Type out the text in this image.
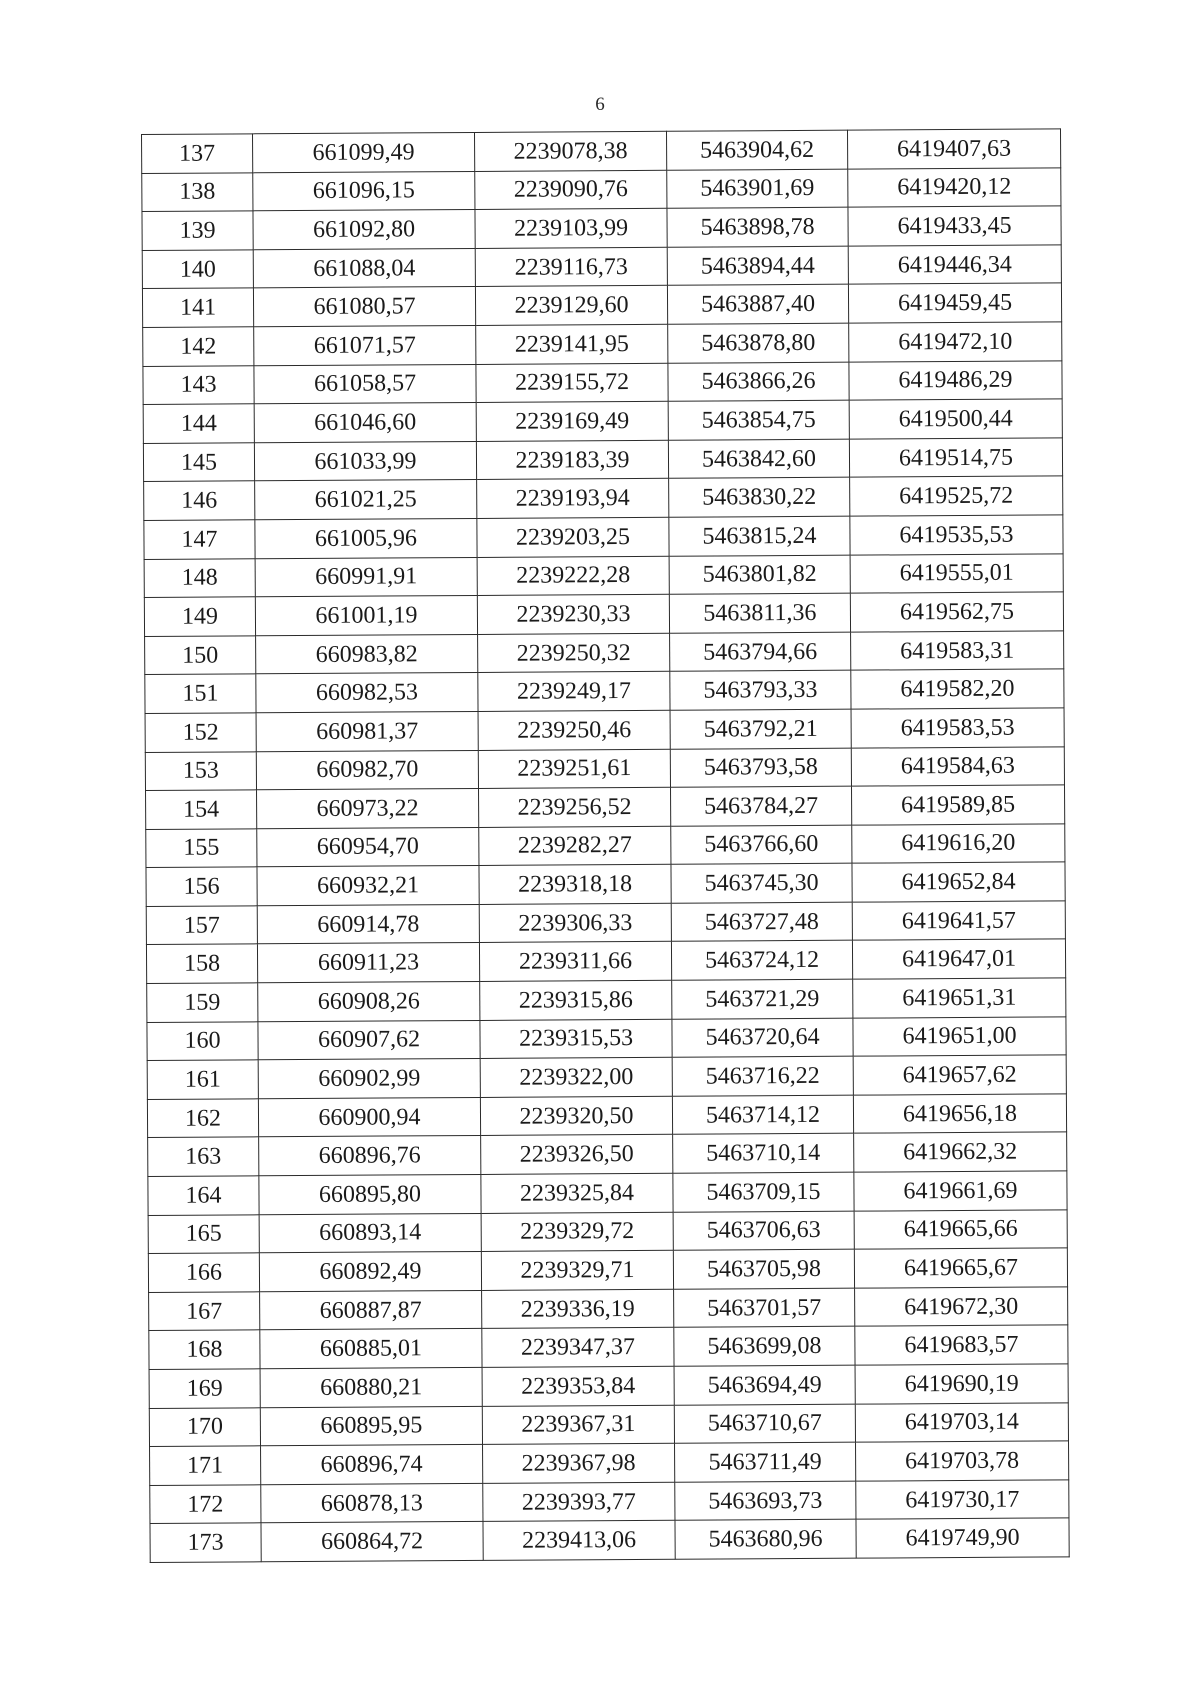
6
137	661099,49	2239078,38	5463904,62	6419407,63
138	661096,15	2239090,76	5463901,69	6419420,12
139	661092,80	2239103,99	5463898,78	6419433,45
140	661088,04	2239116,73	5463894,44	6419446,34
141	661080,57	2239129,60	5463887,40	6419459,45
142	661071,57	2239141,95	5463878,80	6419472,10
143	661058,57	2239155,72	5463866,26	6419486,29
144	661046,60	2239169,49	5463854,75	6419500,44
145	661033,99	2239183,39	5463842,60	6419514,75
146	661021,25	2239193,94	5463830,22	6419525,72
147	661005,96	2239203,25	5463815,24	6419535,53
148	660991,91	2239222,28	5463801,82	6419555,01
149	661001,19	2239230,33	5463811,36	6419562,75
150	660983,82	2239250,32	5463794,66	6419583,31
151	660982,53	2239249,17	5463793,33	6419582,20
152	660981,37	2239250,46	5463792,21	6419583,53
153	660982,70	2239251,61	5463793,58	6419584,63
154	660973,22	2239256,52	5463784,27	6419589,85
155	660954,70	2239282,27	5463766,60	6419616,20
156	660932,21	2239318,18	5463745,30	6419652,84
157	660914,78	2239306,33	5463727,48	6419641,57
158	660911,23	2239311,66	5463724,12	6419647,01
159	660908,26	2239315,86	5463721,29	6419651,31
160	660907,62	2239315,53	5463720,64	6419651,00
161	660902,99	2239322,00	5463716,22	6419657,62
162	660900,94	2239320,50	5463714,12	6419656,18
163	660896,76	2239326,50	5463710,14	6419662,32
164	660895,80	2239325,84	5463709,15	6419661,69
165	660893,14	2239329,72	5463706,63	6419665,66
166	660892,49	2239329,71	5463705,98	6419665,67
167	660887,87	2239336,19	5463701,57	6419672,30
168	660885,01	2239347,37	5463699,08	6419683,57
169	660880,21	2239353,84	5463694,49	6419690,19
170	660895,95	2239367,31	5463710,67	6419703,14
171	660896,74	2239367,98	5463711,49	6419703,78
172	660878,13	2239393,77	5463693,73	6419730,17
173	660864,72	2239413,06	5463680,96	6419749,90
